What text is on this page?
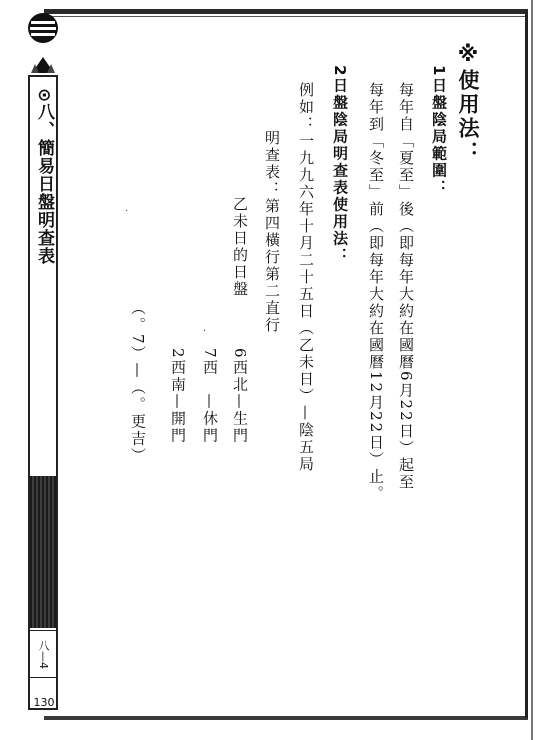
⊙八、簡易日盤明查表
八—4
130
※使用法：
1日盤陰局範圍：
每年自「夏至」後（即每年大約在國曆6月22日）起至
每年到「冬至」前（即每年大約在國曆12月22日）止。
2日盤陰局明查表使用法：
例如：一九九六年十月二十五日（乙未日）—陰五局
明查表：第四橫行第二直行
乙未日的日盤
6西北—生門
7西　—休門
2西南—開門
（。7）—（。更吉）	·
·
